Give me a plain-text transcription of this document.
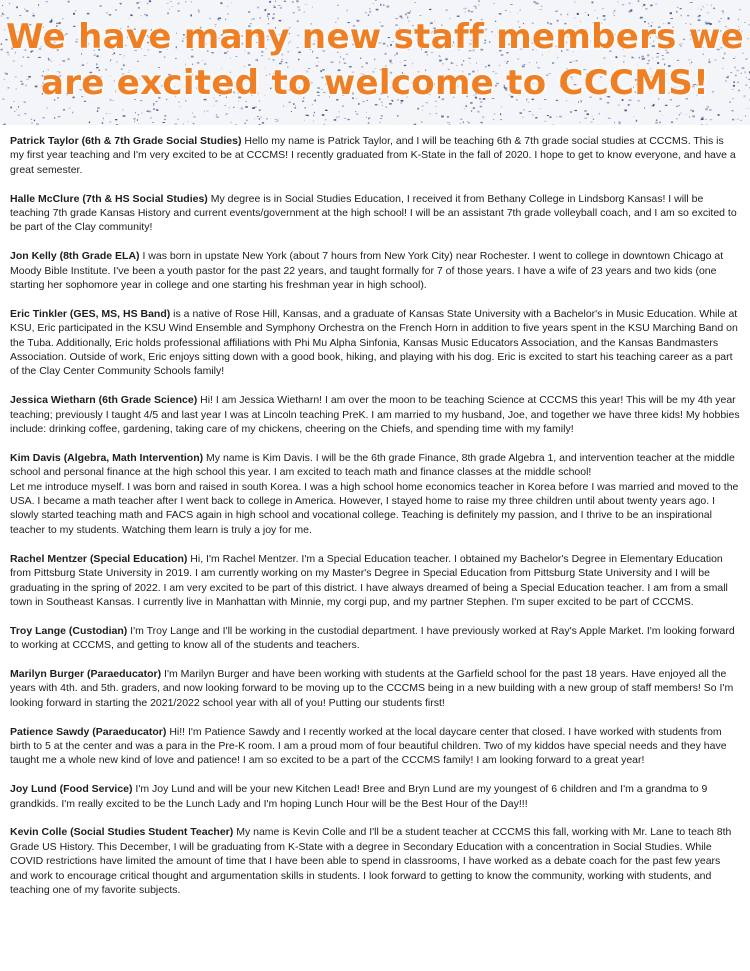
We have many new staff members we
are excited to welcome to CCCMS!

Patrick Taylor (6th & 7th Grade Social Studies) Hello my name is Patrick Taylor, and I will be teaching 6th & 7th grade social studies at CCCMS. This is my first year teaching and I'm very excited to be at CCCMS! I recently graduated from K-State in the fall of 2020. I hope to get to know everyone, and have a great semester.

Halle McClure (7th & HS Social Studies) My degree is in Social Studies Education, I received it from Bethany College in Lindsborg Kansas! I will be teaching 7th grade Kansas History and current events/government at the high school! I will be an assistant 7th grade volleyball coach, and I am so excited to be part of the Clay community!

Jon Kelly (8th Grade ELA) I was born in upstate New York (about 7 hours from New York City) near Rochester. I went to college in downtown Chicago at Moody Bible Institute. I've been a youth pastor for the past 22 years, and taught formally for 7 of those years. I have a wife of 23 years and two kids (one starting her sophomore year in college and one starting his freshman year in high school).

Eric Tinkler (GES, MS, HS Band) is a native of Rose Hill, Kansas, and a graduate of Kansas State University with a Bachelor's in Music Education. While at KSU, Eric participated in the KSU Wind Ensemble and Symphony Orchestra on the French Horn in addition to five years spent in the KSU Marching Band on the Tuba. Additionally, Eric holds professional affiliations with Phi Mu Alpha Sinfonia, Kansas Music Educators Association, and the Kansas Bandmasters Association. Outside of work, Eric enjoys sitting down with a good book, hiking, and playing with his dog. Eric is excited to start his teaching career as a part of the Clay Center Community Schools family!

Jessica Wietharn (6th Grade Science) Hi! I am Jessica Wietharn! I am over the moon to be teaching Science at CCCMS this year! This will be my 4th year teaching; previously I taught 4/5 and last year I was at Lincoln teaching PreK. I am married to my husband, Joe, and together we have three kids! My hobbies include: drinking coffee, gardening, taking care of my chickens, cheering on the Chiefs, and spending time with my family!

Kim Davis (Algebra, Math Intervention) My name is Kim Davis. I will be the 6th grade Finance, 8th grade Algebra 1, and intervention teacher at the middle school and personal finance at the high school this year. I am excited to teach math and finance classes at the middle school!
Let me introduce myself. I was born and raised in south Korea. I was a high school home economics teacher in Korea before I was married and moved to the USA. I became a math teacher after I went back to college in America. However, I stayed home to raise my three children until about twenty years ago. I slowly started teaching math and FACS again in high school and vocational college. Teaching is definitely my passion, and I thrive to be an inspirational teacher to my students. Watching them learn is truly a joy for me.

Rachel Mentzer (Special Education) Hi, I'm Rachel Mentzer. I'm a Special Education teacher. I obtained my Bachelor's Degree in Elementary Education from Pittsburg State University in 2019. I am currently working on my Master's Degree in Special Education from Pittsburg State University and I will be graduating in the spring of 2022. I am very excited to be part of this district. I have always dreamed of being a Special Education teacher. I am from a small town in Southeast Kansas. I currently live in Manhattan with Minnie, my corgi pup, and my partner Stephen. I'm super excited to be part of CCCMS.

Troy Lange (Custodian) I'm Troy Lange and I'll be working in the custodial department. I have previously worked at Ray's Apple Market. I'm looking forward to working at CCCMS, and getting to know all of the students and teachers.

Marilyn Burger (Paraeducator) I'm Marilyn Burger and have been working with students at the Garfield school for the past 18 years. Have enjoyed all the years with 4th. and 5th. graders, and now looking forward to be moving up to the CCCMS being in a new building with a new group of staff members! So I'm looking forward in starting the 2021/2022 school year with all of you! Putting our students first!

Patience Sawdy (Paraeducator) Hi!! I'm Patience Sawdy and I recently worked at the local daycare center that closed. I have worked with students from birth to 5 at the center and was a para in the Pre-K room. I am a proud mom of four beautiful children. Two of my kiddos have special needs and they have taught me a whole new kind of love and patience! I am so excited to be a part of the CCCMS family! I am looking forward to a great year!

Joy Lund (Food Service) I'm Joy Lund and will be your new Kitchen Lead! Bree and Bryn Lund are my youngest of 6 children and I'm a grandma to 9 grandkids. I'm really excited to be the Lunch Lady and I'm hoping Lunch Hour will be the Best Hour of the Day!!!

Kevin Colle (Social Studies Student Teacher) My name is Kevin Colle and I'll be a student teacher at CCCMS this fall, working with Mr. Lane to teach 8th Grade US History. This December, I will be graduating from K-State with a degree in Secondary Education with a concentration in Social Studies. While COVID restrictions have limited the amount of time that I have been able to spend in classrooms, I have worked as a debate coach for the past few years and work to encourage critical thought and argumentation skills in students. I look forward to getting to know the community, working with students, and teaching one of my favorite subjects.
